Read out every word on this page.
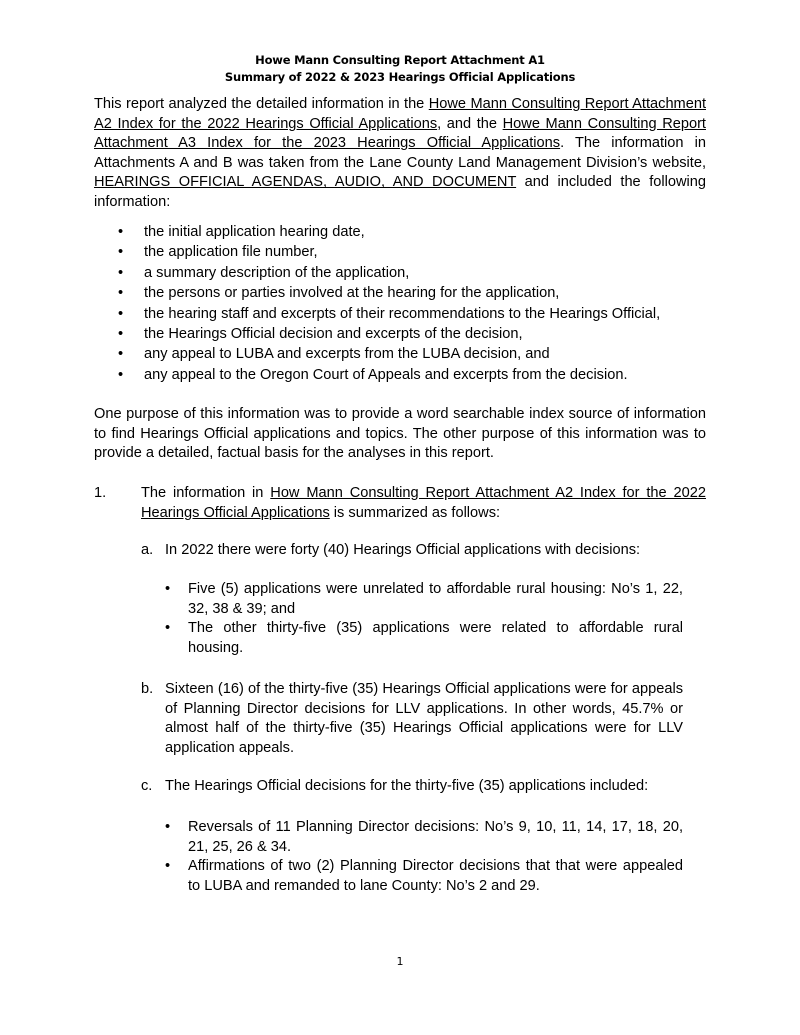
Howe Mann Consulting Report Attachment A1
Summary of 2022 & 2023 Hearings Official Applications
This report analyzed the detailed information in the Howe Mann Consulting Report Attachment A2 Index for the 2022 Hearings Official Applications, and the Howe Mann Consulting Report Attachment A3 Index for the 2023 Hearings Official Applications. The information in Attachments A and B was taken from the Lane County Land Management Division’s website, HEARINGS OFFICIAL AGENDAS, AUDIO, AND DOCUMENT and included the following information:
• the initial application hearing date,
• the application file number,
• a summary description of the application,
• the persons or parties involved at the hearing for the application,
• the hearing staff and excerpts of their recommendations to the Hearings Official,
• the Hearings Official decision and excerpts of the decision,
• any appeal to LUBA and excerpts from the LUBA decision, and
• any appeal to the Oregon Court of Appeals and excerpts from the decision.
One purpose of this information was to provide a word searchable index source of information to find Hearings Official applications and topics. The other purpose of this information was to provide a detailed, factual basis for the analyses in this report.
1. The information in How Mann Consulting Report Attachment A2 Index for the 2022 Hearings Official Applications is summarized as follows:
a. In 2022 there were forty (40) Hearings Official applications with decisions:
• Five (5) applications were unrelated to affordable rural housing: No’s 1, 22, 32, 38 & 39; and
• The other thirty-five (35) applications were related to affordable rural housing.
b. Sixteen (16) of the thirty-five (35) Hearings Official applications were for appeals of Planning Director decisions for LLV applications. In other words, 45.7% or almost half of the thirty-five (35) Hearings Official applications were for LLV application appeals.
c. The Hearings Official decisions for the thirty-five (35) applications included:
• Reversals of 11 Planning Director decisions: No’s 9, 10, 11, 14, 17, 18, 20, 21, 25, 26 & 34.
• Affirmations of two (2) Planning Director decisions that that were appealed to LUBA and remanded to lane County: No’s 2 and 29.
1
